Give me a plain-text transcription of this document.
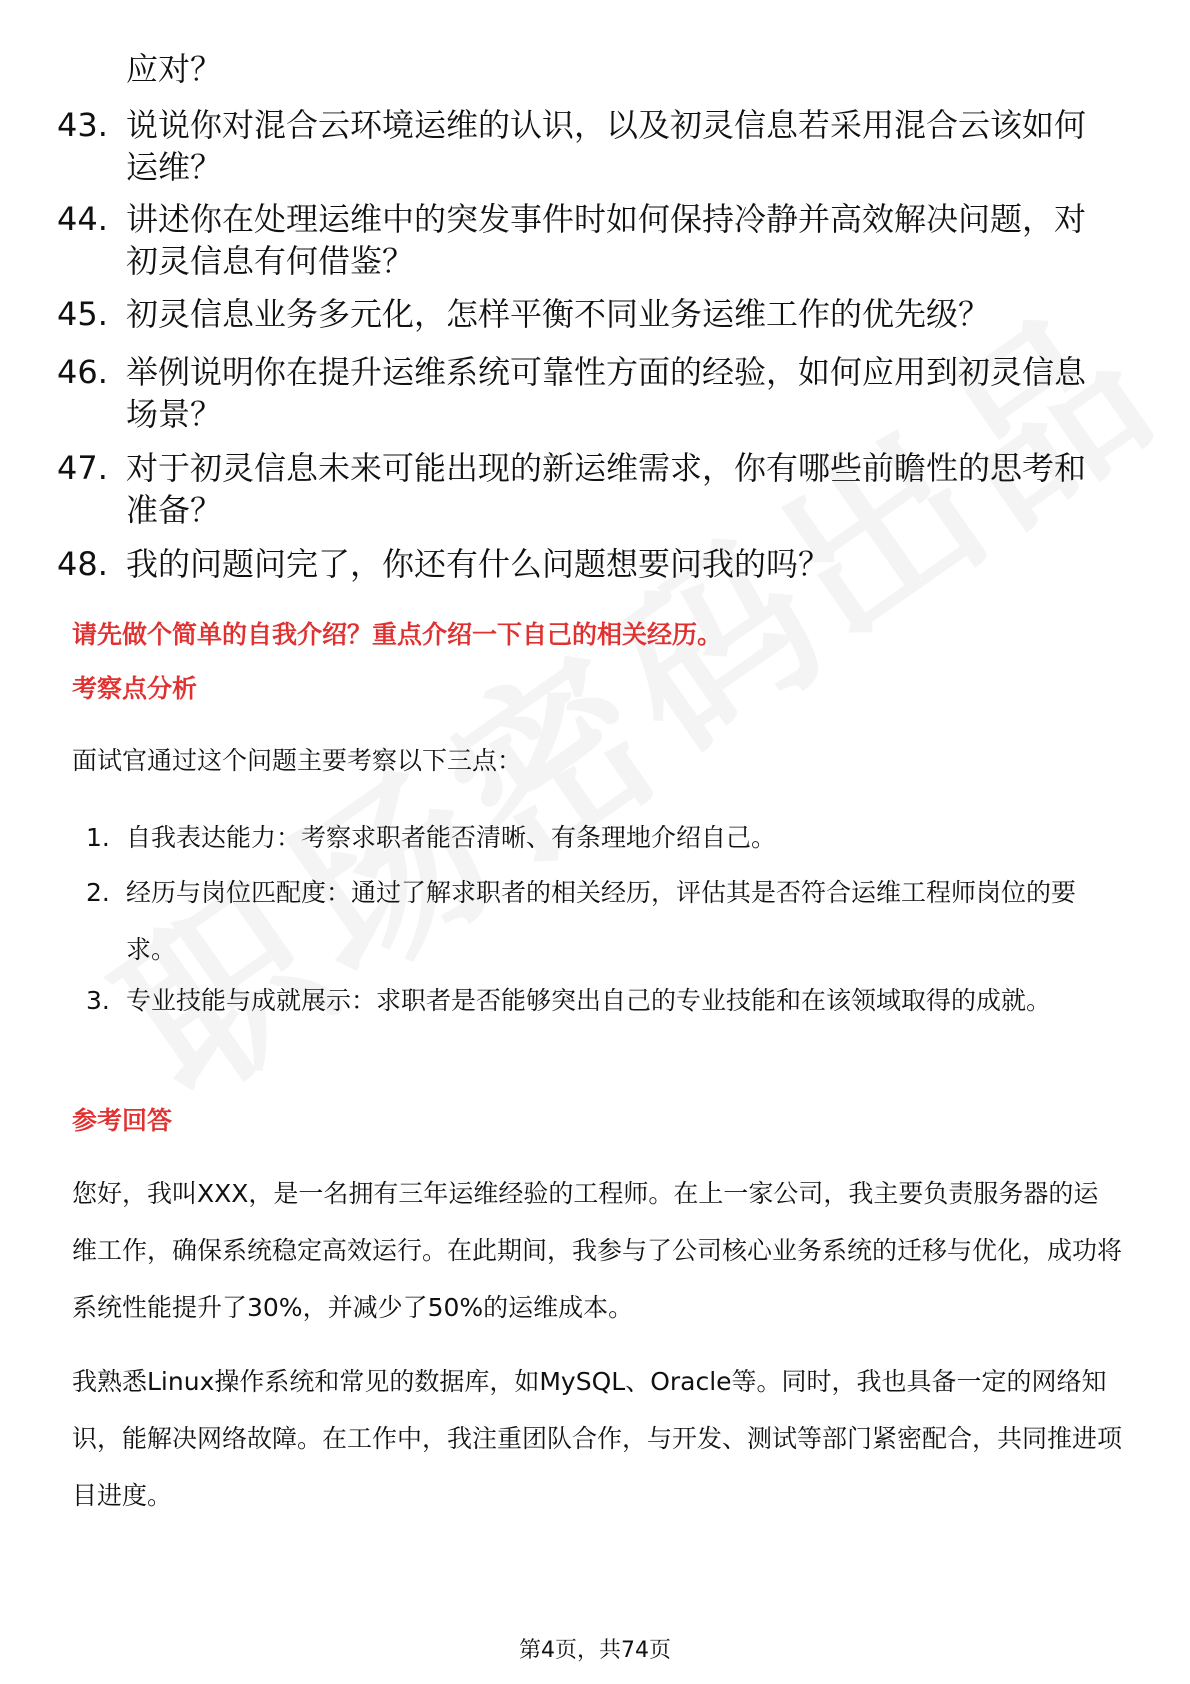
应对？
43. 说说你对混合云环境运维的认识，以及初灵信息若采用混合云该如何运维？
44. 讲述你在处理运维中的突发事件时如何保持冷静并高效解决问题，对初灵信息有何借鉴？
45. 初灵信息业务多元化，怎样平衡不同业务运维工作的优先级？
46. 举例说明你在提升运维系统可靠性方面的经验，如何应用到初灵信息场景？
47. 对于初灵信息未来可能出现的新运维需求，你有哪些前瞻性的思考和准备？
48. 我的问题问完了，你还有什么问题想要问我的吗？
请先做个简单的自我介绍？重点介绍一下自己的相关经历。
考察点分析
面试官通过这个问题主要考察以下三点：
1. 自我表达能力：考察求职者能否清晰、有条理地介绍自己。
2. 经历与岗位匹配度：通过了解求职者的相关经历，评估其是否符合运维工程师岗位的要求。
3. 专业技能与成就展示：求职者是否能够突出自己的专业技能和在该领域取得的成就。
参考回答
您好，我叫XXX，是一名拥有三年运维经验的工程师。在上一家公司，我主要负责服务器的运维工作，确保系统稳定高效运行。在此期间，我参与了公司核心业务系统的迁移与优化，成功将系统性能提升了30%，并减少了50%的运维成本。
我熟悉Linux操作系统和常见的数据库，如MySQL、Oracle等。同时，我也具备一定的网络知识，能解决网络故障。在工作中，我注重团队合作，与开发、测试等部门紧密配合，共同推进项目进度。
第4页，共74页
